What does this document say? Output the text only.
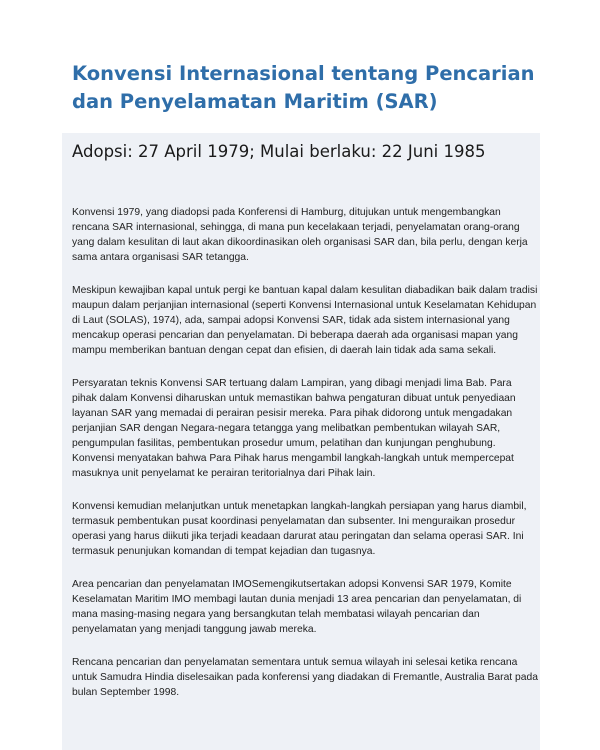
Konvensi Internasional tentang Pencarian dan Penyelamatan Maritim (SAR)
Adopsi: 27 April 1979; Mulai berlaku: 22 Juni 1985

Konvensi 1979, yang diadopsi pada Konferensi di Hamburg, ditujukan untuk mengembangkan rencana SAR internasional, sehingga, di mana pun kecelakaan terjadi, penyelamatan orang-orang yang dalam kesulitan di laut akan dikoordinasikan oleh organisasi SAR dan, bila perlu, dengan kerja sama antara organisasi SAR tetangga.

Meskipun kewajiban kapal untuk pergi ke bantuan kapal dalam kesulitan diabadikan baik dalam tradisi maupun dalam perjanjian internasional (seperti Konvensi Internasional untuk Keselamatan Kehidupan di Laut (SOLAS), 1974), ada, sampai adopsi Konvensi SAR, tidak ada sistem internasional yang mencakup operasi pencarian dan penyelamatan. Di beberapa daerah ada organisasi mapan yang mampu memberikan bantuan dengan cepat dan efisien, di daerah lain tidak ada sama sekali.

Persyaratan teknis Konvensi SAR tertuang dalam Lampiran, yang dibagi menjadi lima Bab. Para pihak dalam Konvensi diharuskan untuk memastikan bahwa pengaturan dibuat untuk penyediaan layanan SAR yang memadai di perairan pesisir mereka. Para pihak didorong untuk mengadakan perjanjian SAR dengan Negara-negara tetangga yang melibatkan pembentukan wilayah SAR, pengumpulan fasilitas, pembentukan prosedur umum, pelatihan dan kunjungan penghubung. Konvensi menyatakan bahwa Para Pihak harus mengambil langkah-langkah untuk mempercepat masuknya unit penyelamat ke perairan teritorialnya dari Pihak lain.

Konvensi kemudian melanjutkan untuk menetapkan langkah-langkah persiapan yang harus diambil, termasuk pembentukan pusat koordinasi penyelamatan dan subsenter. Ini menguraikan prosedur operasi yang harus diikuti jika terjadi keadaan darurat atau peringatan dan selama operasi SAR. Ini termasuk penunjukan komandan di tempat kejadian dan tugasnya.

Area pencarian dan penyelamatan IMOSemengikutsertakan adopsi Konvensi SAR 1979, Komite Keselamatan Maritim IMO membagi lautan dunia menjadi 13 area pencarian dan penyelamatan, di mana masing-masing negara yang bersangkutan telah membatasi wilayah pencarian dan penyelamatan yang menjadi tanggung jawab mereka.

Rencana pencarian dan penyelamatan sementara untuk semua wilayah ini selesai ketika rencana untuk Samudra Hindia diselesaikan pada konferensi yang diadakan di Fremantle, Australia Barat pada bulan September 1998.
